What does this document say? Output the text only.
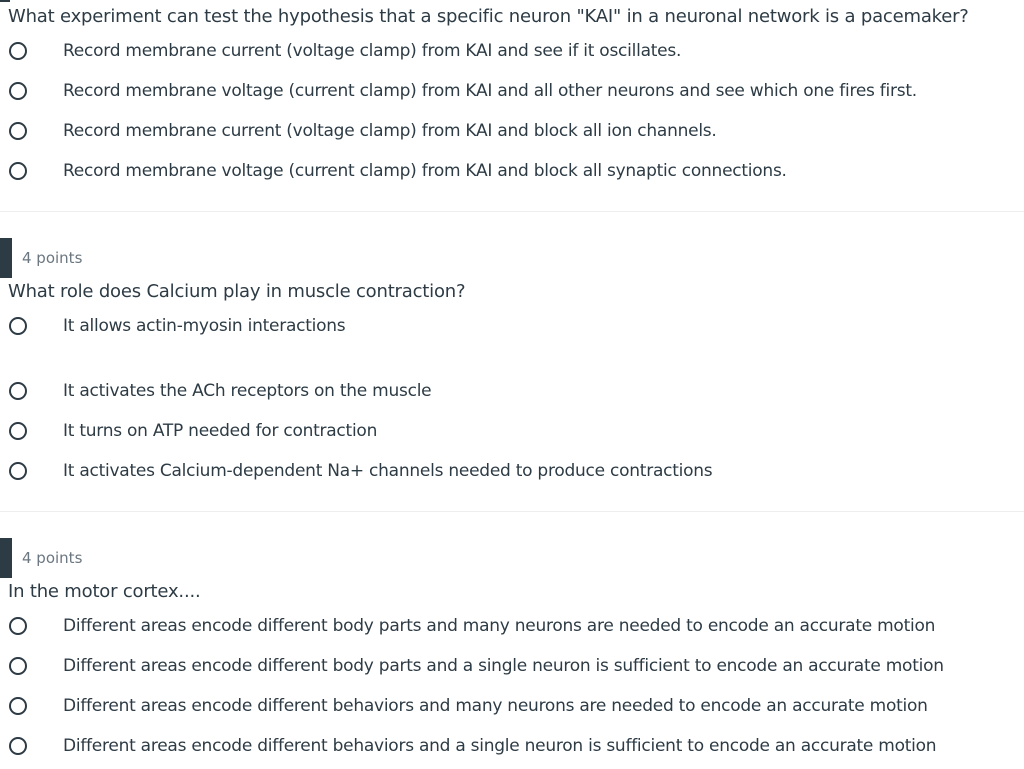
What experiment can test the hypothesis that a specific neuron "KAI" in a neuronal network is a pacemaker?
Record membrane current (voltage clamp) from KAI and see if it oscillates.
Record membrane voltage (current clamp) from KAI and all other neurons and see which one fires first.
Record membrane current (voltage clamp) from KAI and block all ion channels.
Record membrane voltage (current clamp) from KAI and block all synaptic connections.
4 points
What role does Calcium play in muscle contraction?
It allows actin-myosin interactions
It activates the ACh receptors on the muscle
It turns on ATP needed for contraction
It activates Calcium-dependent Na+ channels needed to produce contractions
4 points
In the motor cortex....
Different areas encode different body parts and many neurons are needed to encode an accurate motion
Different areas encode different body parts and a single neuron is sufficient to encode an accurate motion
Different areas encode different behaviors and many neurons are needed to encode an accurate motion
Different areas encode different behaviors and a single neuron is sufficient to encode an accurate motion
